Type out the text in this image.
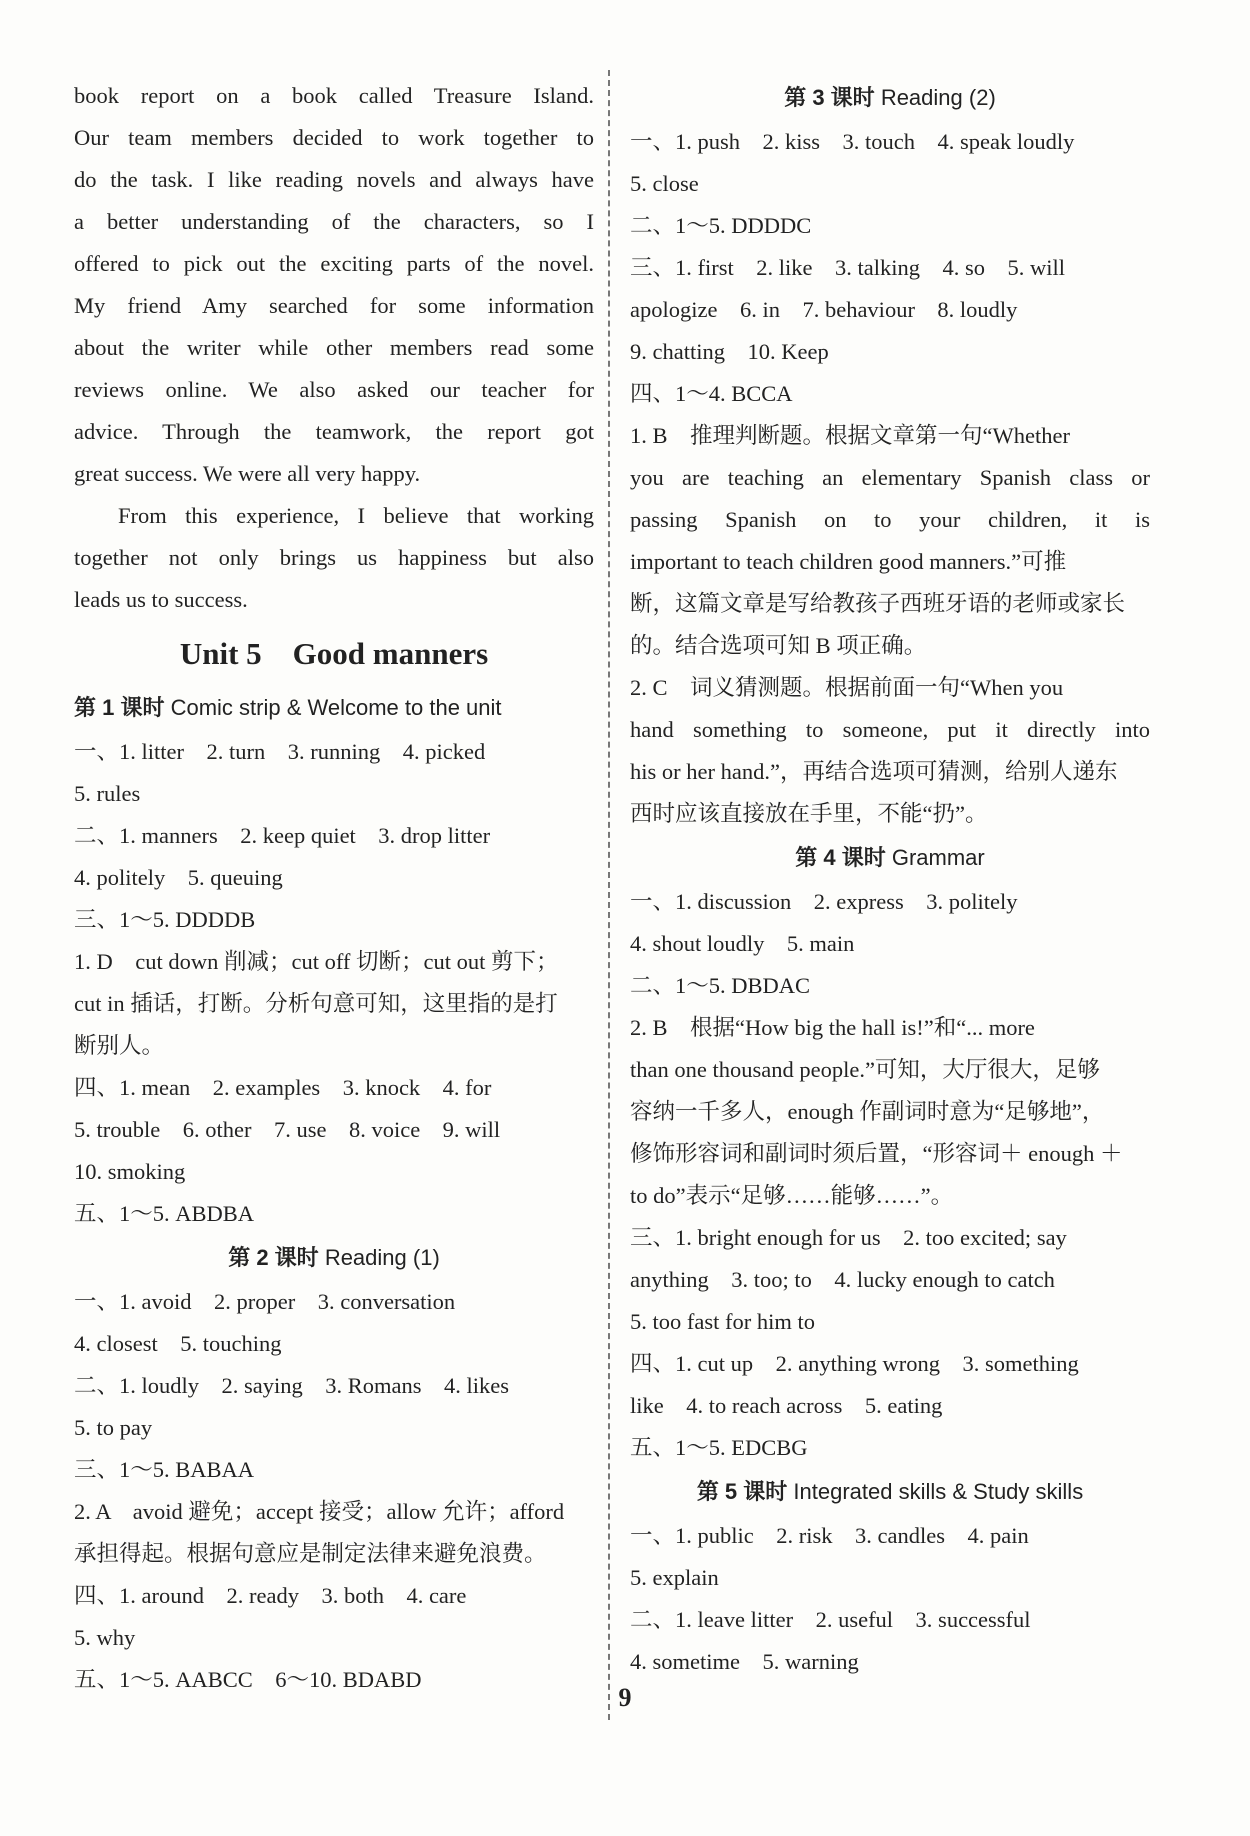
book report on a book called Treasure Island.
Our team members decided to work together to
do the task. I like reading novels and always have
a better understanding of the characters, so I
offered to pick out the exciting parts of the novel.
My friend Amy searched for some information
about the writer while other members read some
reviews online. We also asked our teacher for
advice. Through the teamwork, the report got
great success. We were all very happy.
From this experience, I believe that working
together not only brings us happiness but also
leads us to success.
Unit 5　Good manners
第 1 课时 Comic strip & Welcome to the unit
一、1. litter　2. turn　3. running　4. picked
5. rules
二、1. manners　2. keep quiet　3. drop litter
4. politely　5. queuing
三、1～5. DDDDB
1. D　cut down 削减；cut off 切断；cut out 剪下；
cut in 插话，打断。分析句意可知，这里指的是打
断别人。
四、1. mean　2. examples　3. knock　4. for
5. trouble　6. other　7. use　8. voice　9. will
10. smoking
五、1～5. ABDBA
第 2 课时 Reading (1)
一、1. avoid　2. proper　3. conversation
4. closest　5. touching
二、1. loudly　2. saying　3. Romans　4. likes
5. to pay
三、1～5. BABAA
2. A　avoid 避免；accept 接受；allow 允许；afford
承担得起。根据句意应是制定法律来避免浪费。
四、1. around　2. ready　3. both　4. care
5. why
五、1～5. AABCC　6～10. BDABD
第 3 课时 Reading (2)
一、1. push　2. kiss　3. touch　4. speak loudly
5. close
二、1～5. DDDDC
三、1. first　2. like　3. talking　4. so　5. will
apologize　6. in　7. behaviour　8. loudly
9. chatting　10. Keep
四、1～4. BCCA
1. B　推理判断题。根据文章第一句“Whether
you are teaching an elementary Spanish class or
passing Spanish on to your children, it is
important to teach children good manners.”可推
断，这篇文章是写给教孩子西班牙语的老师或家长
的。结合选项可知 B 项正确。
2. C　词义猜测题。根据前面一句“When you
hand something to someone, put it directly into
his or her hand.”，再结合选项可猜测，给别人递东
西时应该直接放在手里，不能“扔”。
第 4 课时 Grammar
一、1. discussion　2. express　3. politely
4. shout loudly　5. main
二、1～5. DBDAC
2. B　根据“How big the hall is!”和“... more
than one thousand people.”可知，大厅很大，足够
容纳一千多人，enough 作副词时意为“足够地”，
修饰形容词和副词时须后置，“形容词＋ enough ＋
to do”表示“足够……能够……”。
三、1. bright enough for us　2. too excited; say
anything　3. too; to　4. lucky enough to catch
5. too fast for him to
四、1. cut up　2. anything wrong　3. something
like　4. to reach across　5. eating
五、1～5. EDCBG
第 5 课时 Integrated skills & Study skills
一、1. public　2. risk　3. candles　4. pain
5. explain
二、1. leave litter　2. useful　3. successful
4. sometime　5. warning
9
